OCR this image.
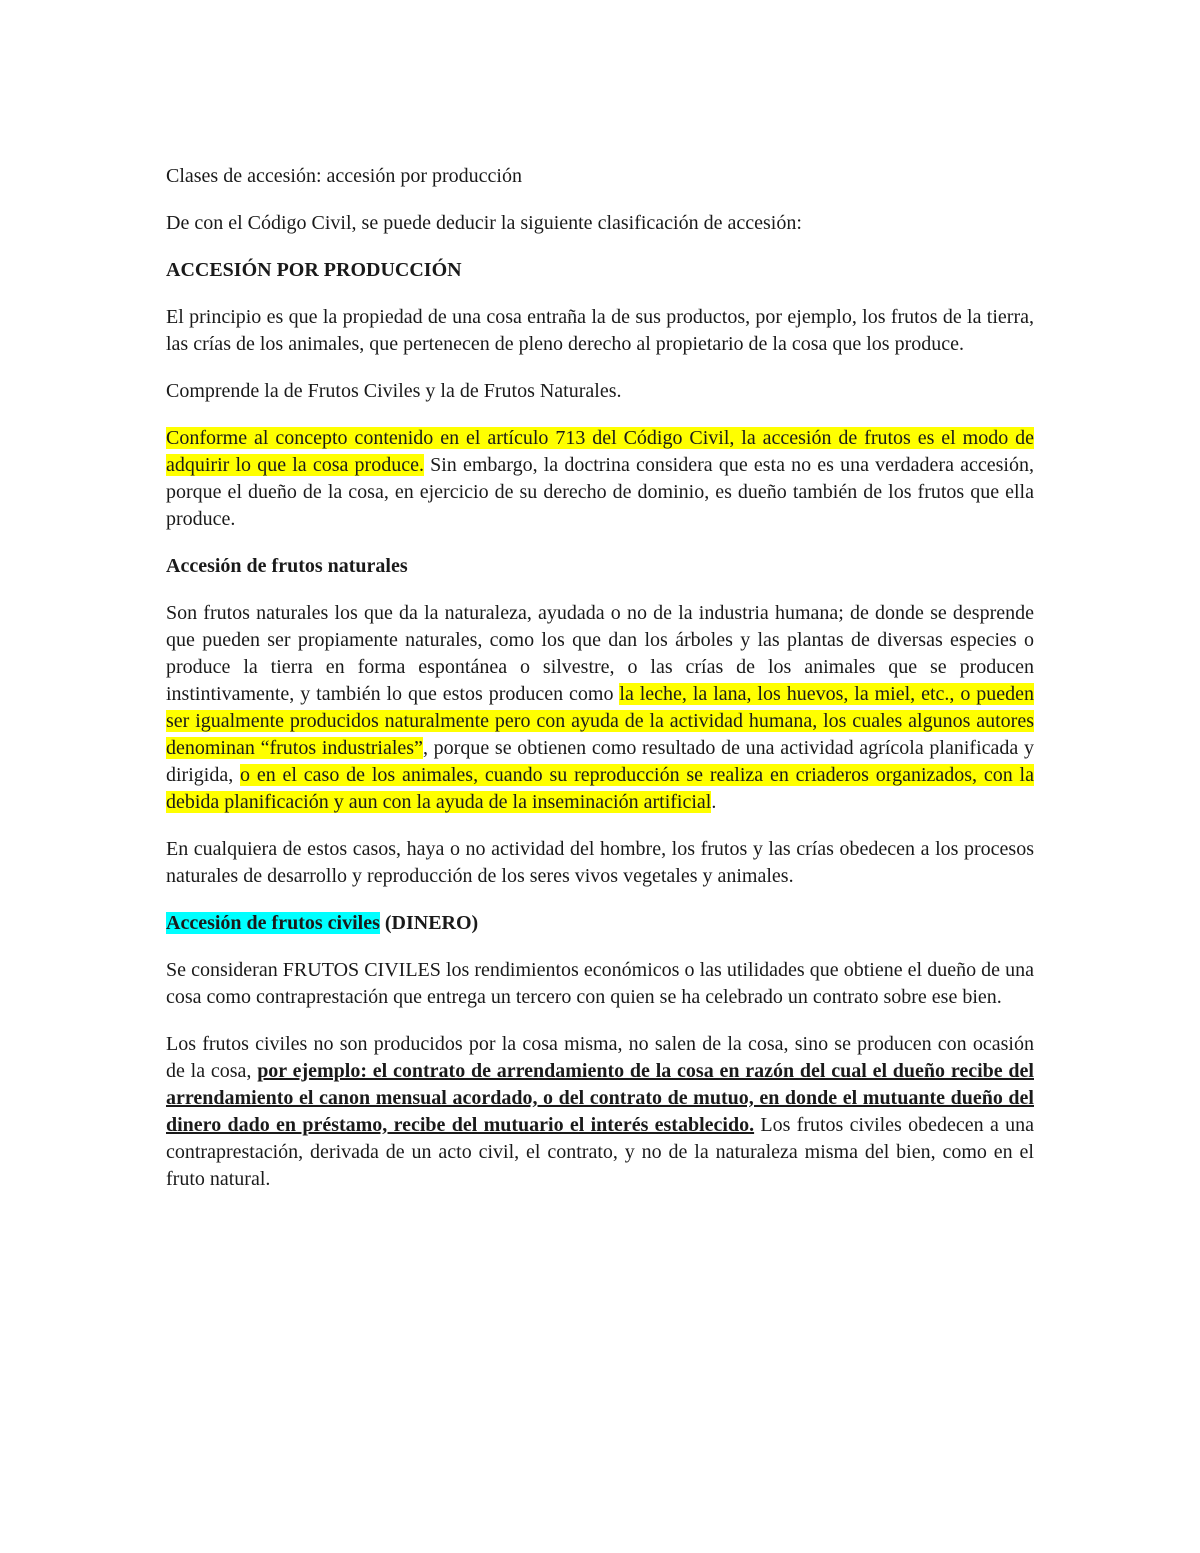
Clases de accesión: accesión por producción

De con el Código Civil, se puede deducir la siguiente clasificación de accesión:

ACCESIÓN POR PRODUCCIÓN

El principio es que la propiedad de una cosa entraña la de sus productos, por ejemplo, los frutos de la tierra, las crías de los animales, que pertenecen de pleno derecho al propietario de la cosa que los produce.

Comprende la de Frutos Civiles y la de Frutos Naturales.

Conforme al concepto contenido en el artículo 713 del Código Civil, la accesión de frutos es el modo de adquirir lo que la cosa produce. Sin embargo, la doctrina considera que esta no es una verdadera accesión, porque el dueño de la cosa, en ejercicio de su derecho de dominio, es dueño también de los frutos que ella produce.

Accesión de frutos naturales

Son frutos naturales los que da la naturaleza, ayudada o no de la industria humana; de donde se desprende que pueden ser propiamente naturales, como los que dan los árboles y las plantas de diversas especies o produce la tierra en forma espontánea o silvestre, o las crías de los animales que se producen instintivamente, y también lo que estos producen como la leche, la lana, los huevos, la miel, etc., o pueden ser igualmente producidos naturalmente pero con ayuda de la actividad humana, los cuales algunos autores denominan “frutos industriales”, porque se obtienen como resultado de una actividad agrícola planificada y dirigida, o en el caso de los animales, cuando su reproducción se realiza en criaderos organizados, con la debida planificación y aun con la ayuda de la inseminación artificial.

En cualquiera de estos casos, haya o no actividad del hombre, los frutos y las crías obedecen a los procesos naturales de desarrollo y reproducción de los seres vivos vegetales y animales.

Accesión de frutos civiles (DINERO)

Se consideran FRUTOS CIVILES los rendimientos económicos o las utilidades que obtiene el dueño de una cosa como contraprestación que entrega un tercero con quien se ha celebrado un contrato sobre ese bien.

Los frutos civiles no son producidos por la cosa misma, no salen de la cosa, sino se producen con ocasión de la cosa, por ejemplo: el contrato de arrendamiento de la cosa en razón del cual el dueño recibe del arrendamiento el canon mensual acordado, o del contrato de mutuo, en donde el mutuante dueño del dinero dado en préstamo, recibe del mutuario el interés establecido. Los frutos civiles obedecen a una contraprestación, derivada de un acto civil, el contrato, y no de la naturaleza misma del bien, como en el fruto natural.
